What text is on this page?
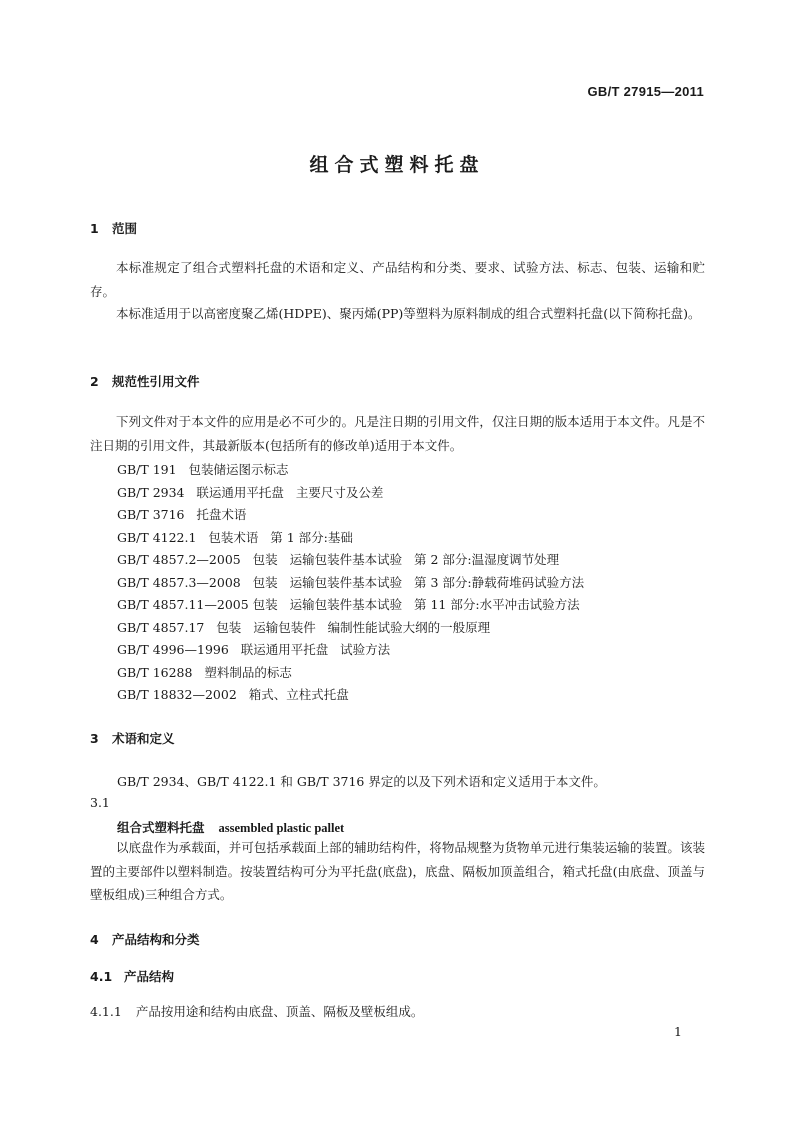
GB/T 27915—2011
组合式塑料托盘
1 范围
本标准规定了组合式塑料托盘的术语和定义、产品结构和分类、要求、试验方法、标志、包装、运输和贮存。
本标准适用于以高密度聚乙烯(HDPE)、聚丙烯(PP)等塑料为原料制成的组合式塑料托盘(以下简称托盘)。
2 规范性引用文件
下列文件对于本文件的应用是必不可少的。凡是注日期的引用文件，仅注日期的版本适用于本文件。凡是不注日期的引用文件，其最新版本(包括所有的修改单)适用于本文件。
GB/T 191   包装储运图示标志
GB/T 2934   联运通用平托盘   主要尺寸及公差
GB/T 3716   托盘术语
GB/T 4122.1   包装术语   第 1 部分:基础
GB/T 4857.2—2005   包装   运输包装件基本试验   第 2 部分:温湿度调节处理
GB/T 4857.3—2008   包装   运输包装件基本试验   第 3 部分:静载荷堆码试验方法
GB/T 4857.11—2005 包装   运输包装件基本试验   第 11 部分:水平冲击试验方法
GB/T 4857.17   包装   运输包装件   编制性能试验大纲的一般原理
GB/T 4996—1996   联运通用平托盘   试验方法
GB/T 16288   塑料制品的标志
GB/T 18832—2002   箱式、立柱式托盘
3 术语和定义
GB/T 2934、GB/T 4122.1 和 GB/T 3716 界定的以及下列术语和定义适用于本文件。
3.1
组合式塑料托盘 assembled plastic pallet
以底盘作为承载面，并可包括承载面上部的辅助结构件，将物品规整为货物单元进行集装运输的装置。该装置的主要部件以塑料制造。按装置结构可分为平托盘(底盘)，底盘、隔板加顶盖组合，箱式托盘(由底盘、顶盖与壁板组成)三种组合方式。
4 产品结构和分类
4.1 产品结构
4.1.1 产品按用途和结构由底盘、顶盖、隔板及壁板组成。
1
